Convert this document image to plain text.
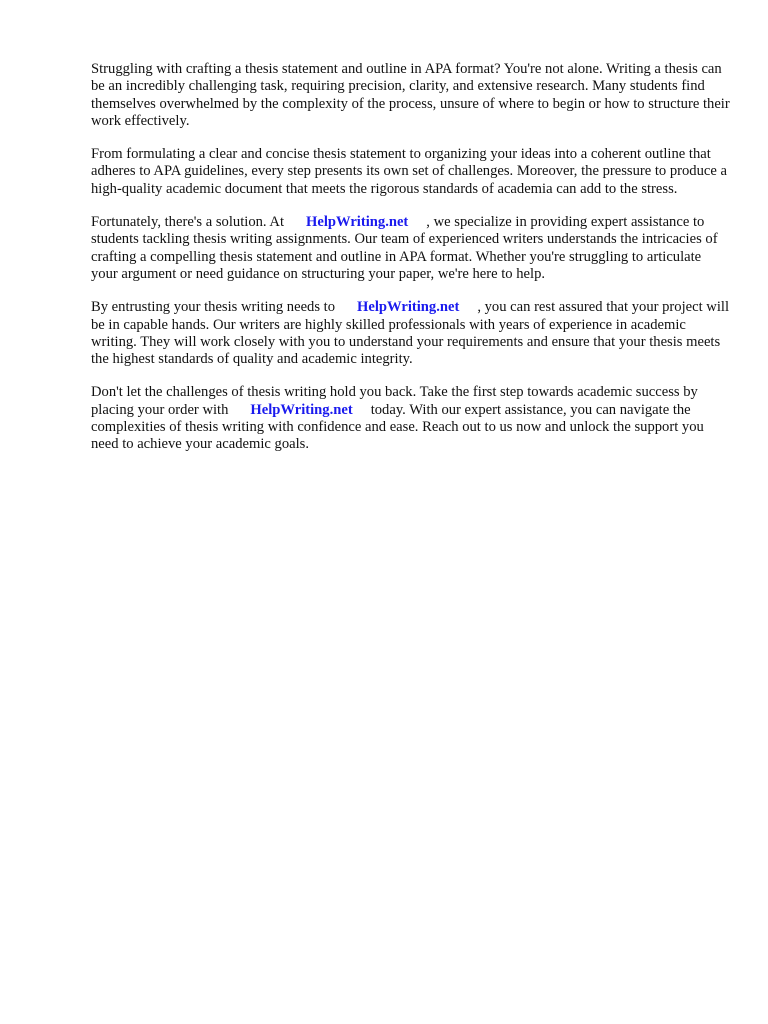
Struggling with crafting a thesis statement and outline in APA format? You're not alone. Writing a thesis can be an incredibly challenging task, requiring precision, clarity, and extensive research. Many students find themselves overwhelmed by the complexity of the process, unsure of where to begin or how to structure their work effectively.

From formulating a clear and concise thesis statement to organizing your ideas into a coherent outline that adheres to APA guidelines, every step presents its own set of challenges. Moreover, the pressure to produce a high-quality academic document that meets the rigorous standards of academia can add to the stress.

Fortunately, there's a solution. At HelpWriting.net , we specialize in providing expert assistance to students tackling thesis writing assignments. Our team of experienced writers understands the intricacies of crafting a compelling thesis statement and outline in APA format. Whether you're struggling to articulate your argument or need guidance on structuring your paper, we're here to help.

By entrusting your thesis writing needs to HelpWriting.net , you can rest assured that your project will be in capable hands. Our writers are highly skilled professionals with years of experience in academic writing. They will work closely with you to understand your requirements and ensure that your thesis meets the highest standards of quality and academic integrity.

Don't let the challenges of thesis writing hold you back. Take the first step towards academic success by placing your order with HelpWriting.net today. With our expert assistance, you can navigate the complexities of thesis writing with confidence and ease. Reach out to us now and unlock the support you need to achieve your academic goals.
